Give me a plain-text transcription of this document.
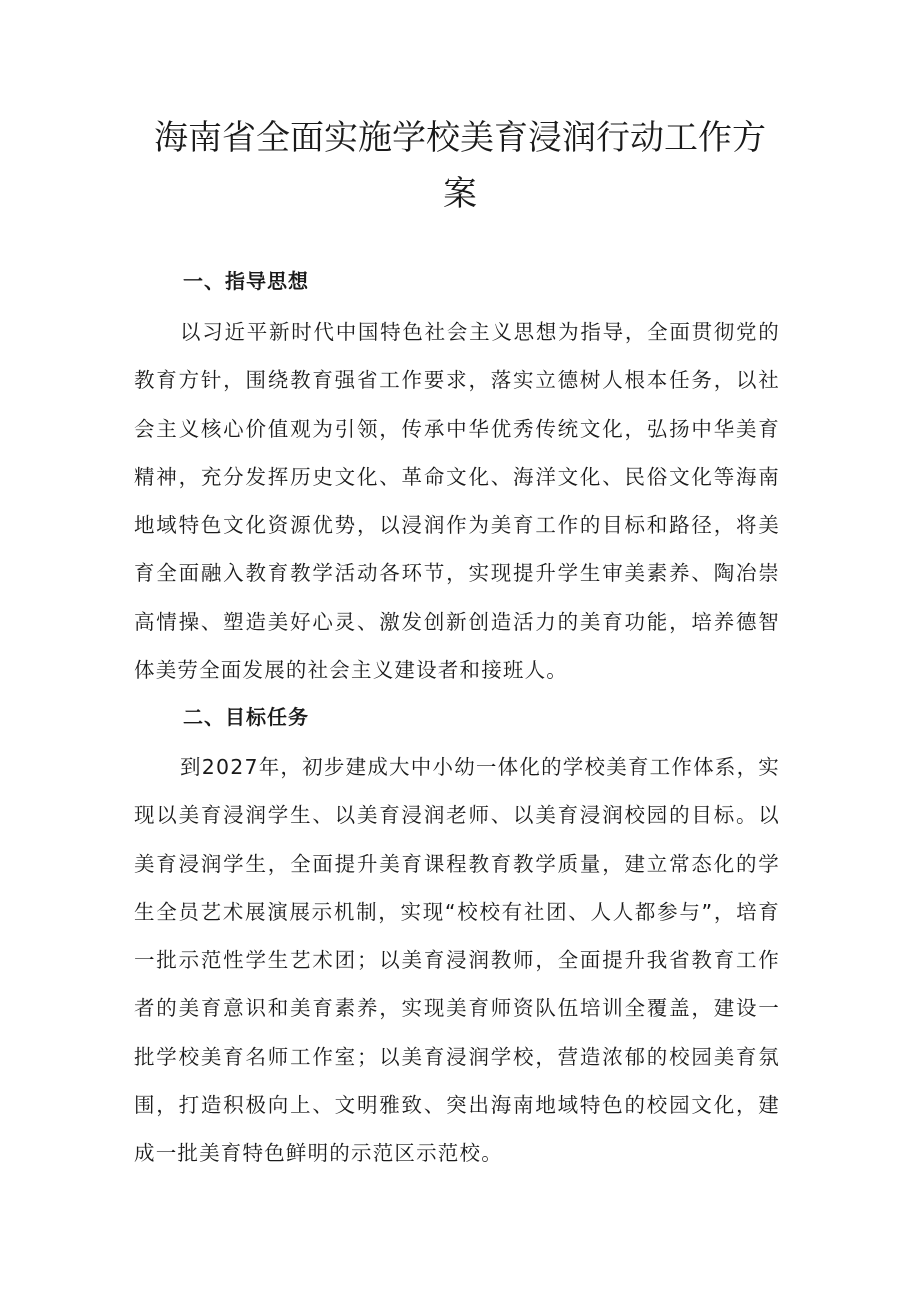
海南省全面实施学校美育浸润行动工作方案
一、指导思想

以习近平新时代中国特色社会主义思想为指导，全面贯彻党的教育方针，围绕教育强省工作要求，落实立德树人根本任务，以社会主义核心价值观为引领，传承中华优秀传统文化，弘扬中华美育精神，充分发挥历史文化、革命文化、海洋文化、民俗文化等海南地域特色文化资源优势，以浸润作为美育工作的目标和路径，将美育全面融入教育教学活动各环节，实现提升学生审美素养、陶冶崇高情操、塑造美好心灵、激发创新创造活力的美育功能，培养德智体美劳全面发展的社会主义建设者和接班人。

二、目标任务

到2027年，初步建成大中小幼一体化的学校美育工作体系，实现以美育浸润学生、以美育浸润老师、以美育浸润校园的目标。以美育浸润学生，全面提升美育课程教育教学质量，建立常态化的学生全员艺术展演展示机制，实现“校校有社团、人人都参与”，培育一批示范性学生艺术团；以美育浸润教师，全面提升我省教育工作者的美育意识和美育素养，实现美育师资队伍培训全覆盖，建设一批学校美育名师工作室；以美育浸润学校，营造浓郁的校园美育氛围，打造积极向上、文明雅致、突出海南地域特色的校园文化，建成一批美育特色鲜明的示范区示范校。
